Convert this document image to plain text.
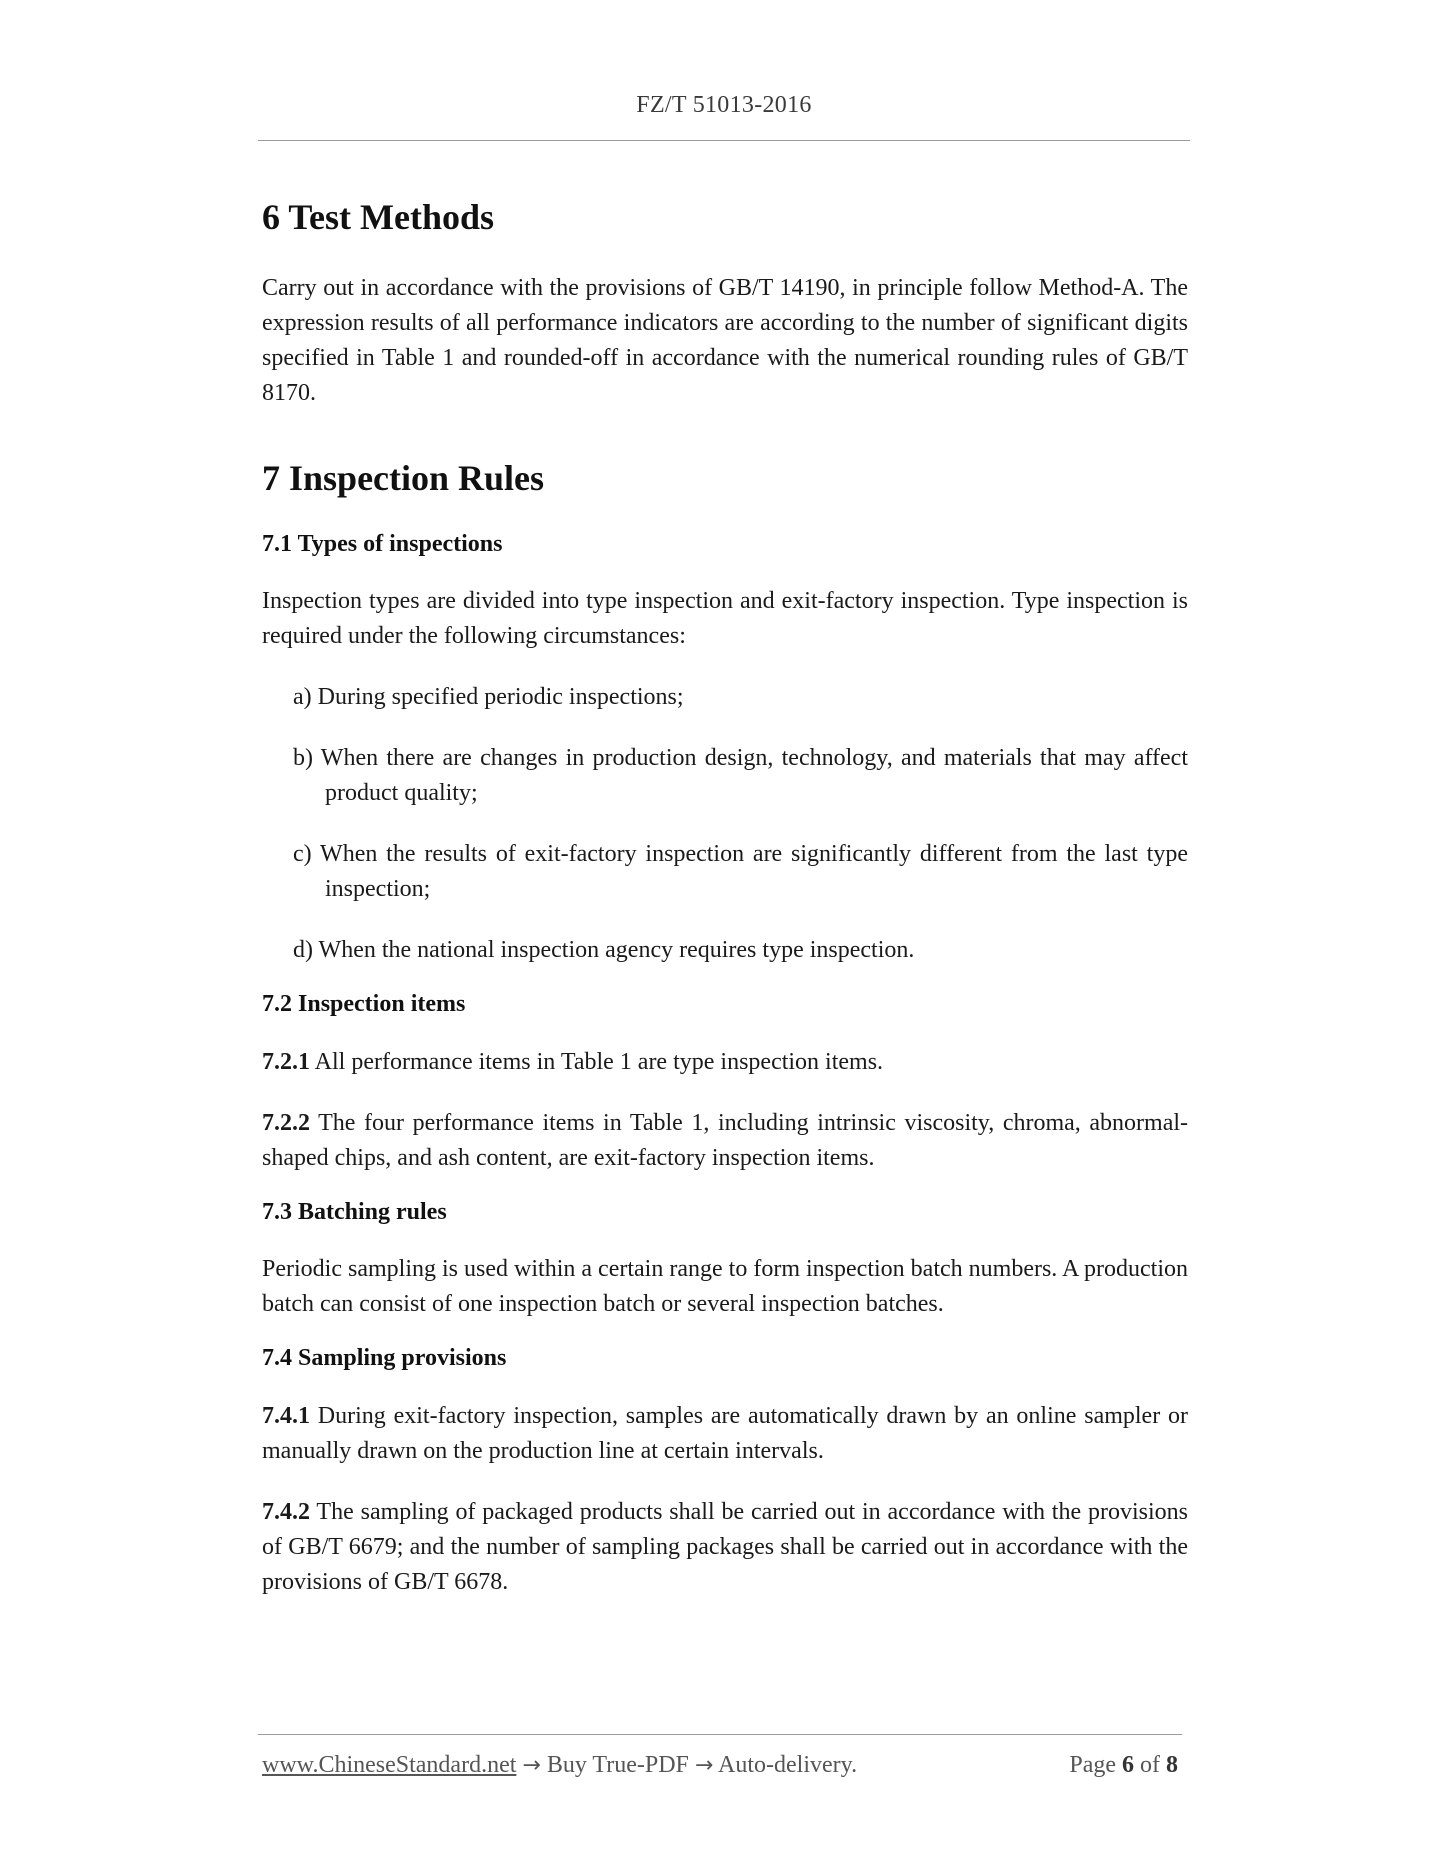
FZ/T 51013-2016
6 Test Methods

Carry out in accordance with the provisions of GB/T 14190, in principle follow Method-A. The expression results of all performance indicators are according to the number of significant digits specified in Table 1 and rounded-off in accordance with the numerical rounding rules of GB/T 8170.

7 Inspection Rules
7.1 Types of inspections

Inspection types are divided into type inspection and exit-factory inspection. Type inspection is required under the following circumstances:

a) During specified periodic inspections;

b) When there are changes in production design, technology, and materials that may affect product quality;

c) When the results of exit-factory inspection are significantly different from the last type inspection;

d) When the national inspection agency requires type inspection.

7.2 Inspection items

7.2.1 All performance items in Table 1 are type inspection items.

7.2.2 The four performance items in Table 1, including intrinsic viscosity, chroma, abnormal-shaped chips, and ash content, are exit-factory inspection items.

7.3 Batching rules

Periodic sampling is used within a certain range to form inspection batch numbers. A production batch can consist of one inspection batch or several inspection batches.

7.4 Sampling provisions

7.4.1 During exit-factory inspection, samples are automatically drawn by an online sampler or manually drawn on the production line at certain intervals.

7.4.2 The sampling of packaged products shall be carried out in accordance with the provisions of GB/T 6679; and the number of sampling packages shall be carried out in accordance with the provisions of GB/T 6678.

www.ChineseStandard.net → Buy True-PDF → Auto-delivery.	Page 6 of 8
